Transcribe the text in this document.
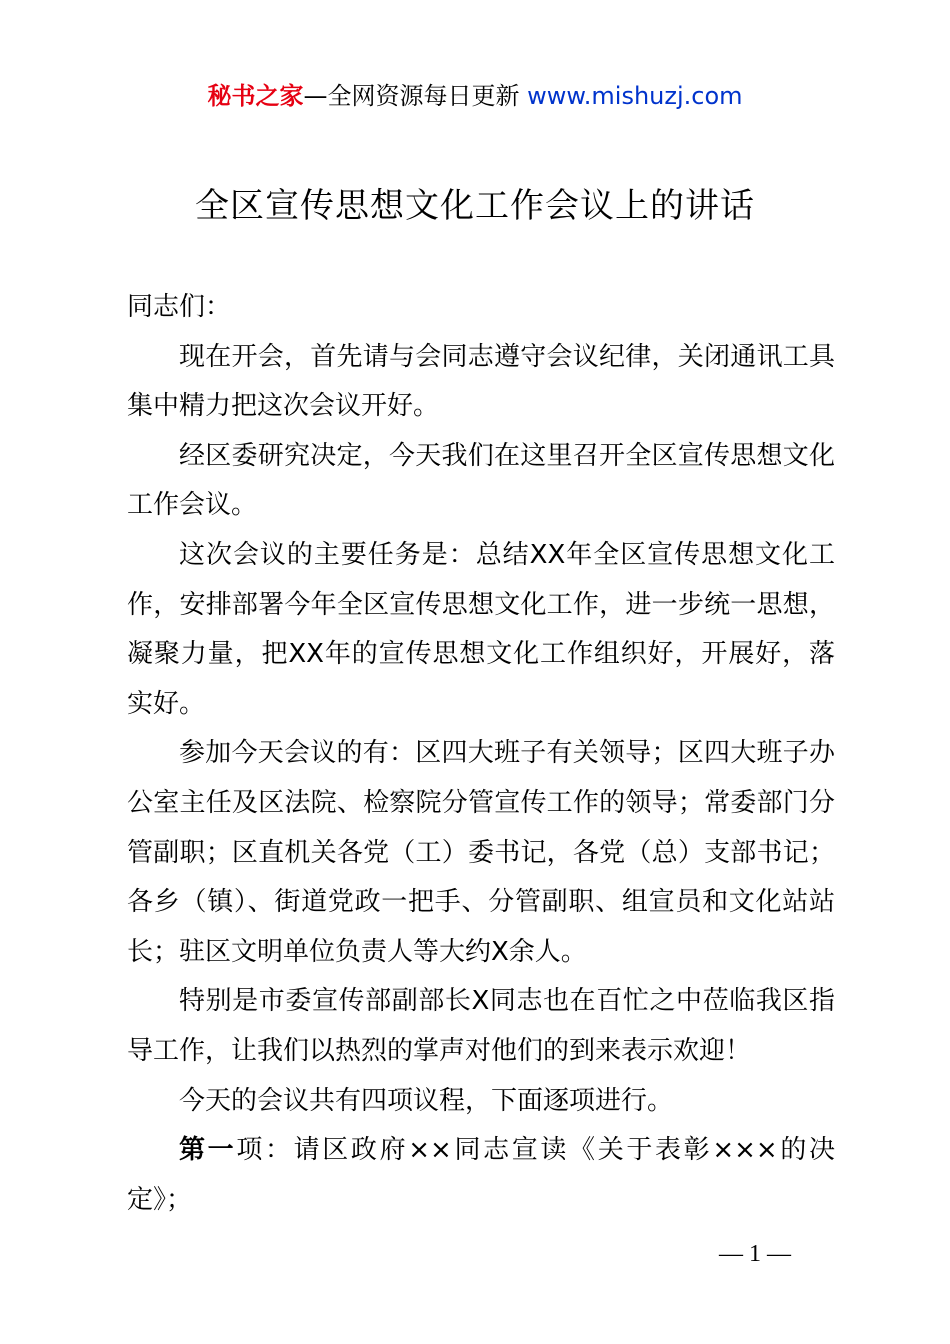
秘书之家—全网资源每日更新 www.mishuzj.com
全区宣传思想文化工作会议上的讲话

同志们：

现在开会，首先请与会同志遵守会议纪律，关闭通讯工具集中精力把这次会议开好。

经区委研究决定，今天我们在这里召开全区宣传思想文化工作会议。

这次会议的主要任务是：总结XX年全区宣传思想文化工作，安排部署今年全区宣传思想文化工作，进一步统一思想，凝聚力量，把XX年的宣传思想文化工作组织好，开展好，落实好。

参加今天会议的有：区四大班子有关领导；区四大班子办公室主任及区法院、检察院分管宣传工作的领导；常委部门分管副职；区直机关各党（工）委书记，各党（总）支部书记；各乡（镇）、街道党政一把手、分管副职、组宣员和文化站站长；驻区文明单位负责人等大约X余人。

特别是市委宣传部副部长X同志也在百忙之中莅临我区指导工作，让我们以热烈的掌声对他们的到来表示欢迎！

今天的会议共有四项议程，下面逐项进行。

第一项：请区政府××同志宣读《关于表彰×××的决定》；

— 1 —
